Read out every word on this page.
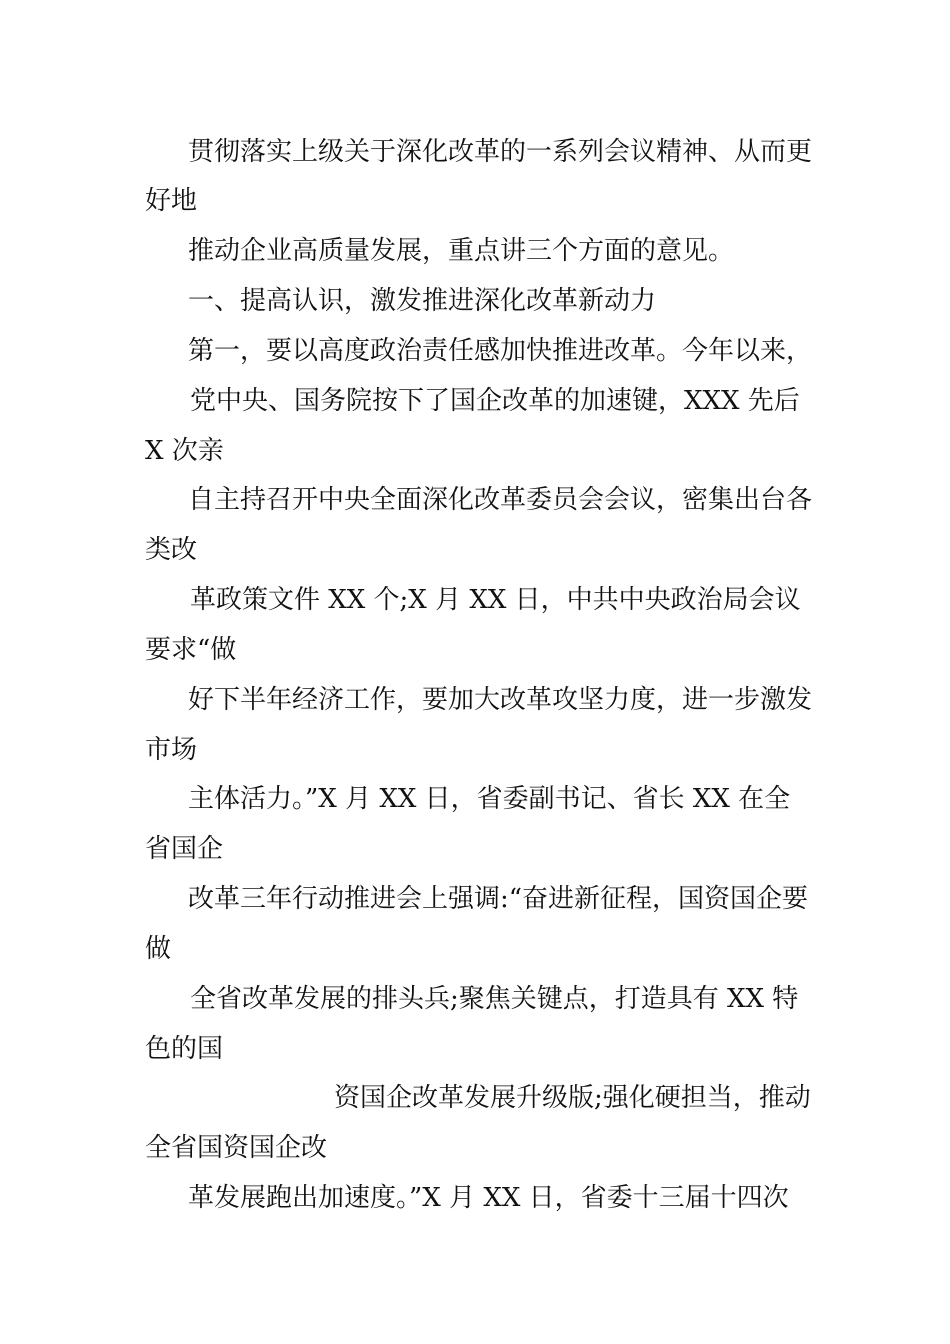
贯彻落实上级关于深化改革的一系列会议精神、从而更
好地
推动企业高质量发展，重点讲三个方面的意见。
一、提高认识，激发推进深化改革新动力
第一，要以高度政治责任感加快推进改革。今年以来，
党中央、国务院按下了国企改革的加速键，XXX 先后
X 次亲
自主持召开中央全面深化改革委员会会议，密集出台各
类改
革政策文件 XX 个;X 月 XX 日，中共中央政治局会议
要求“做
好下半年经济工作，要加大改革攻坚力度，进一步激发
市场
主体活力。”X 月 XX 日，省委副书记、省长 XX 在全
省国企
改革三年行动推进会上强调:“奋进新征程，国资国企要
做
全省改革发展的排头兵;聚焦关键点，打造具有 XX 特
色的国
资国企改革发展升级版;强化硬担当，推动
全省国资国企改
革发展跑出加速度。”X 月 XX 日，省委十三届十四次
